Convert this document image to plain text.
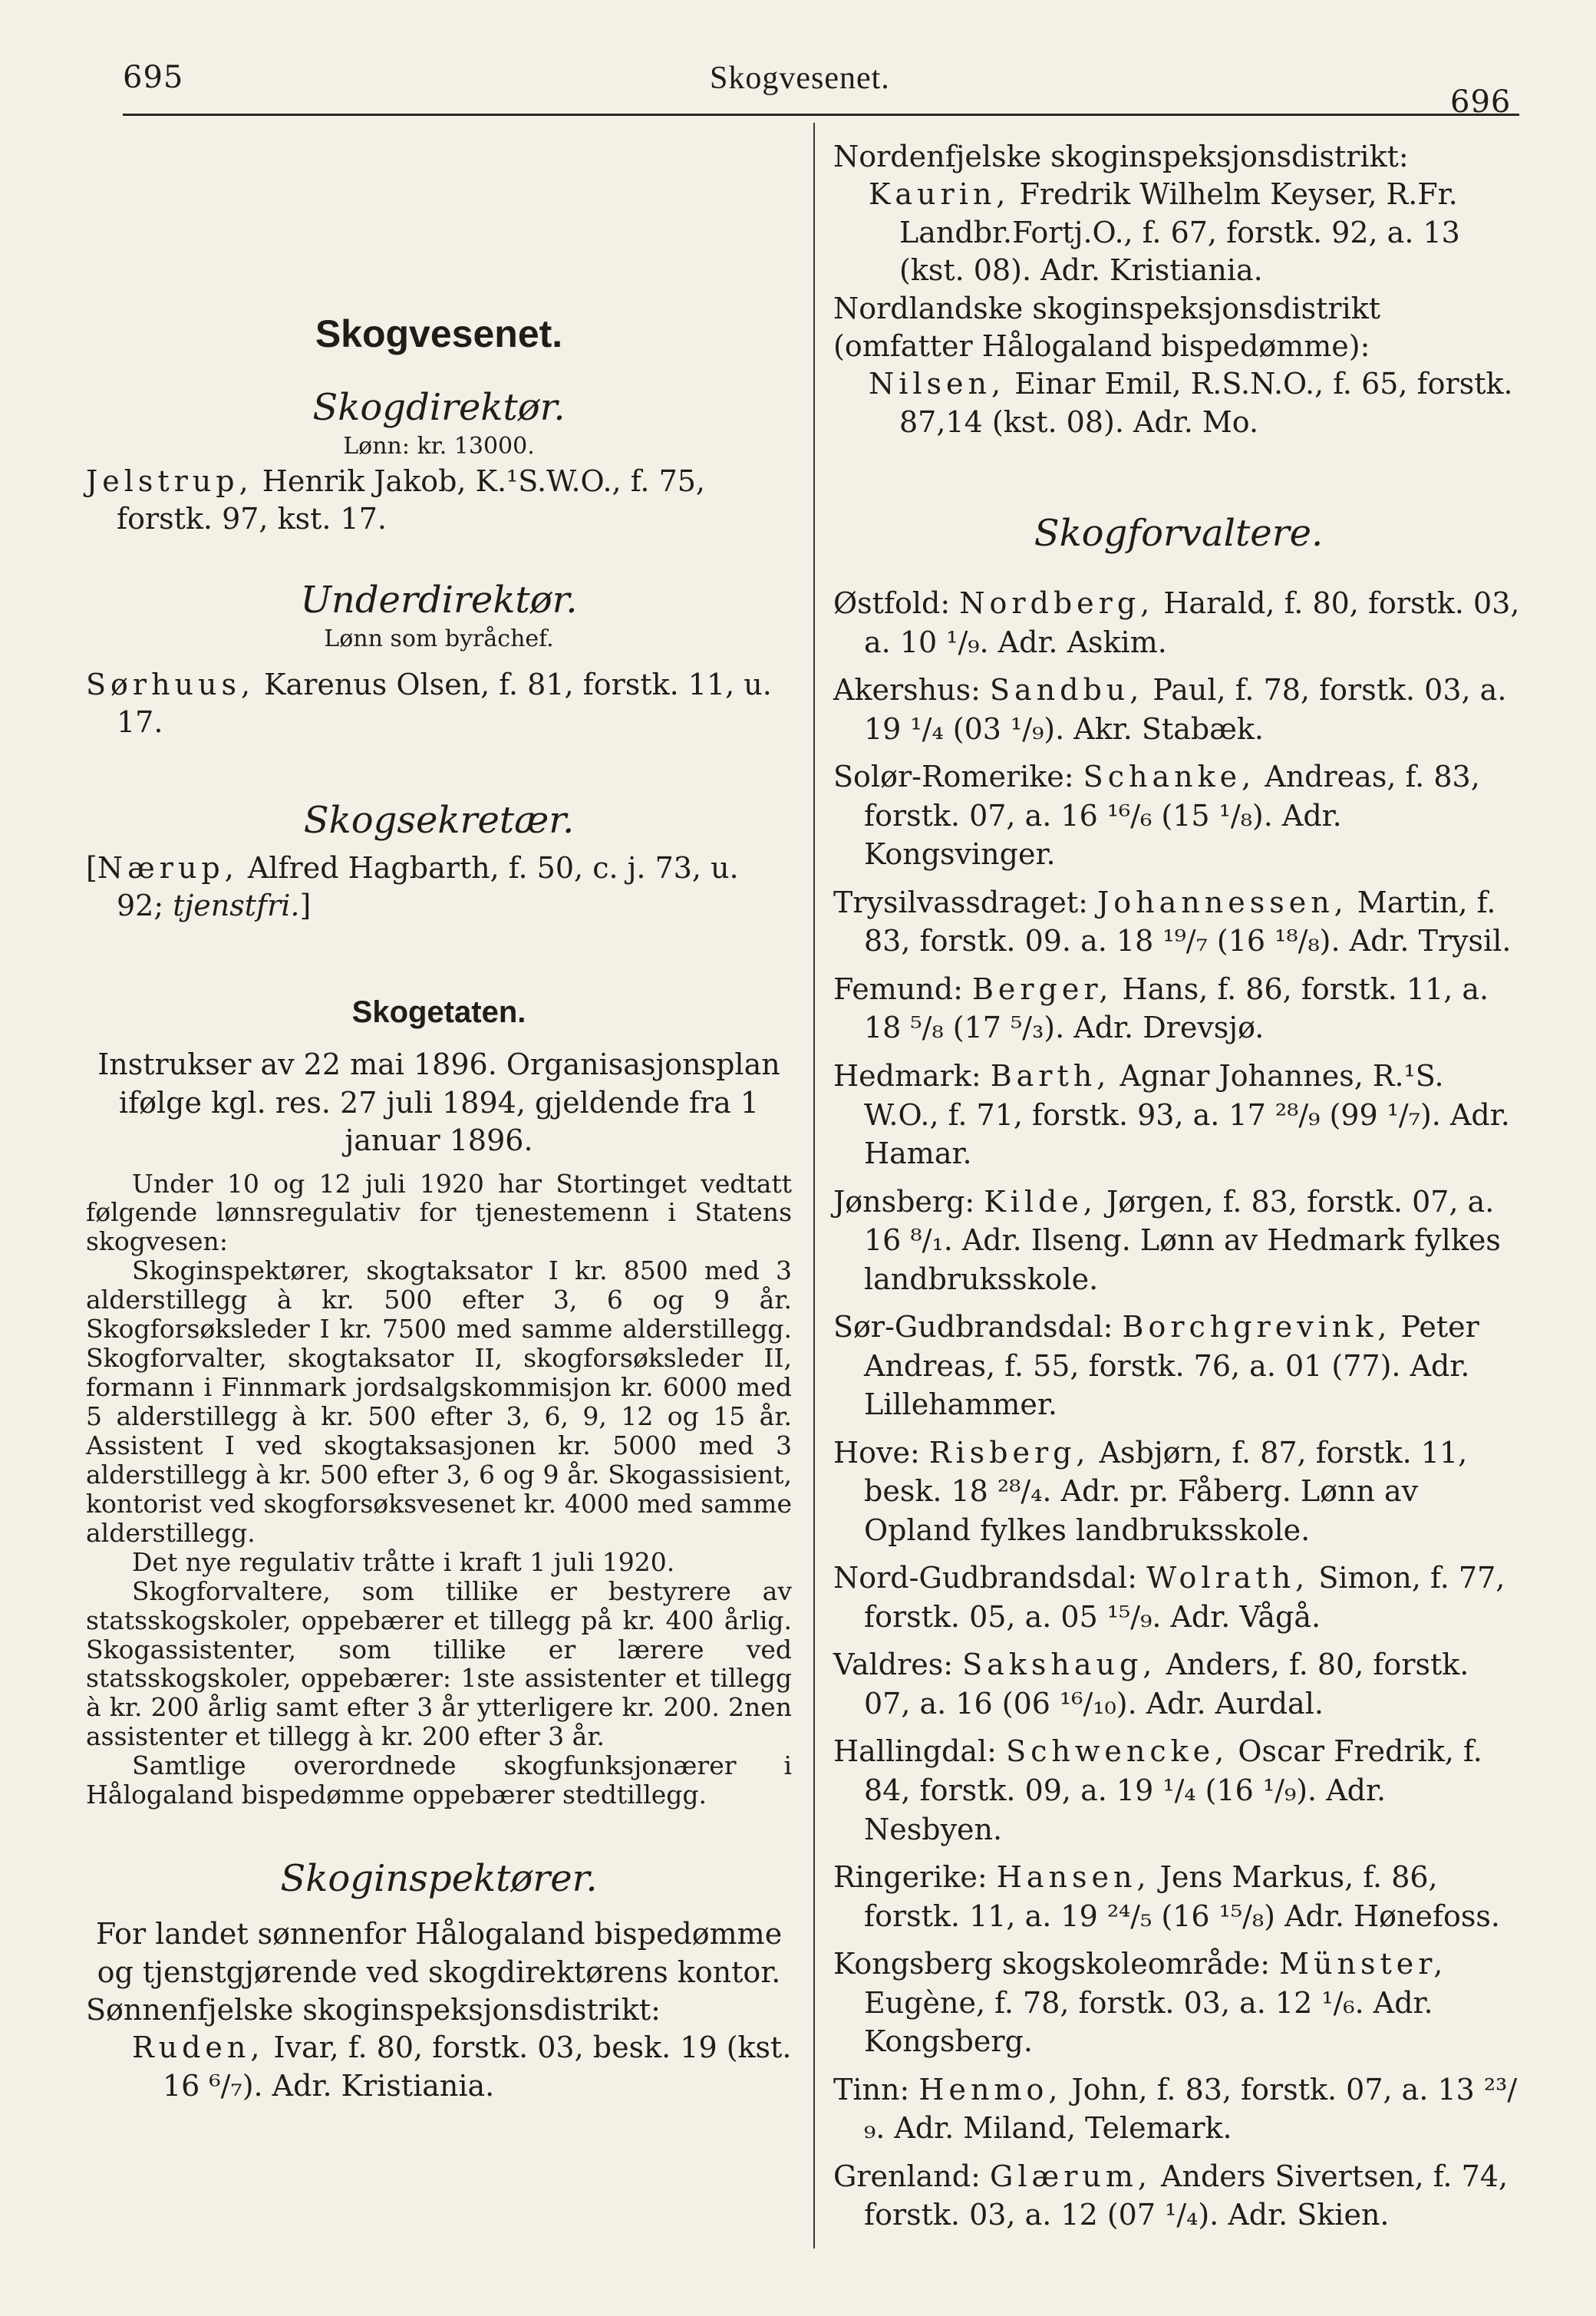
695	Skogvesenet.
696

Skogvesenet.

Skogdirektør.

Lønn: kr. 13000.

Jelstrup, Henrik Jakob, K.¹S.W.O., f. 75, forstk. 97, kst. 17.

Underdirektør.

Lønn som byråchef.

Sørhuus, Karenus Olsen, f. 81, forstk. 11, u. 17.

Skogsekretær.

[Nærup, Alfred Hagbarth, f. 50, c. j. 73, u. 92; tjenstfri.]

Skogetaten.

Instrukser av 22 mai 1896. Organisasjonsplan ifølge kgl. res. 27 juli 1894, gjeldende fra 1 januar 1896.

Under 10 og 12 juli 1920 har Stortinget vedtatt følgende lønnsregulativ for tjenestemenn i Statens skogvesen:
Skoginspektører, skogtaksator I kr. 8500 med 3 alderstillegg à kr. 500 efter 3, 6 og 9 år. Skogforsøksleder I kr. 7500 med samme alderstillegg. Skogforvalter, skogtaksator II, skogforsøksleder II, formann i Finnmark jordsalgskommisjon kr. 6000 med 5 alderstillegg à kr. 500 efter 3, 6, 9, 12 og 15 år. Assistent I ved skogtaksasjonen kr. 5000 med 3 alderstillegg à kr. 500 efter 3, 6 og 9 år. Skogassisient, kontorist ved skogforsøksvesenet kr. 4000 med samme alderstillegg.
Det nye regulativ tråtte i kraft 1 juli 1920.
Skogforvaltere, som tillike er bestyrere av statsskogskoler, oppebærer et tillegg på kr. 400 årlig. Skogassistenter, som tillike er lærere ved statsskogskoler, oppebærer: 1ste assistenter et tillegg à kr. 200 årlig samt efter 3 år ytterligere kr. 200. 2nen assistenter et tillegg à kr. 200 efter 3 år.
Samtlige overordnede skogfunksjonærer i Hålogaland bispedømme oppebærer stedtillegg.

Skoginspektører.

For landet sønnenfor Hålogaland bispedømme og tjenstgjørende ved skogdirektørens kontor.

Sønnenfjelske skoginspeksjonsdistrikt:

Ruden, Ivar, f. 80, forstk. 03, besk. 19 (kst. 16 ⁶/₇). Adr. Kristiania.

Nordenfjelske skoginspeksjonsdistrikt:

Kaurin, Fredrik Wilhelm Keyser, R.Fr. Landbr.Fortj.O., f. 67, forstk. 92, a. 13 (kst. 08). Adr. Kristiania.

Nordlandske skoginspeksjonsdistrikt (omfatter Hålogaland bispedømme):

Nilsen, Einar Emil, R.S.N.O., f. 65, forstk. 87,14 (kst. 08). Adr. Mo.

Skogforvaltere.

Østfold: Nordberg, Harald, f. 80, forstk. 03, a. 10 ¹/₉. Adr. Askim.

Akershus: Sandbu, Paul, f. 78, forstk. 03, a. 19 ¹/₄ (03 ¹/₉). Akr. Stabæk.

Solør-Romerike: Schanke, Andreas, f. 83, forstk. 07, a. 16 ¹⁶/₆ (15 ¹/₈). Adr. Kongsvinger.

Trysilvassdraget: Johannessen, Martin, f. 83, forstk. 09. a. 18 ¹⁹/₇ (16 ¹⁸/₈). Adr. Trysil.

Femund: Berger, Hans, f. 86, forstk. 11, a. 18 ⁵/₈ (17 ⁵/₃). Adr. Drevsjø.

Hedmark: Barth, Agnar Johannes, R.¹S. W.O., f. 71, forstk. 93, a. 17 ²⁸/₉ (99 ¹/₇). Adr. Hamar.

Jønsberg: Kilde, Jørgen, f. 83, forstk. 07, a. 16 ⁸/₁. Adr. Ilseng. Lønn av Hedmark fylkes landbruksskole.

Sør-Gudbrandsdal: Borchgrevink, Peter Andreas, f. 55, forstk. 76, a. 01 (77). Adr. Lillehammer.

Hove: Risberg, Asbjørn, f. 87, forstk. 11, besk. 18 ²⁸/₄. Adr. pr. Fåberg. Lønn av Opland fylkes landbruksskole.

Nord-Gudbrandsdal: Wolrath, Simon, f. 77, forstk. 05, a. 05 ¹⁵/₉. Adr. Vågå.

Valdres: Sakshaug, Anders, f. 80, forstk. 07, a. 16 (06 ¹⁶/₁₀). Adr. Aurdal.

Hallingdal: Schwencke, Oscar Fredrik, f. 84, forstk. 09, a. 19 ¹/₄ (16 ¹/₉). Adr. Nesbyen.

Ringerike: Hansen, Jens Markus, f. 86, forstk. 11, a. 19 ²⁴/₅ (16 ¹⁵/₈) Adr. Hønefoss.

Kongsberg skogskoleområde: Münster, Eugène, f. 78, forstk. 03, a. 12 ¹/₆. Adr. Kongsberg.

Tinn: Henmo, John, f. 83, forstk. 07, a. 13 ²³/₉. Adr. Miland, Telemark.

Grenland: Glærum, Anders Sivertsen, f. 74, forstk. 03, a. 12 (07 ¹/₄). Adr. Skien.
